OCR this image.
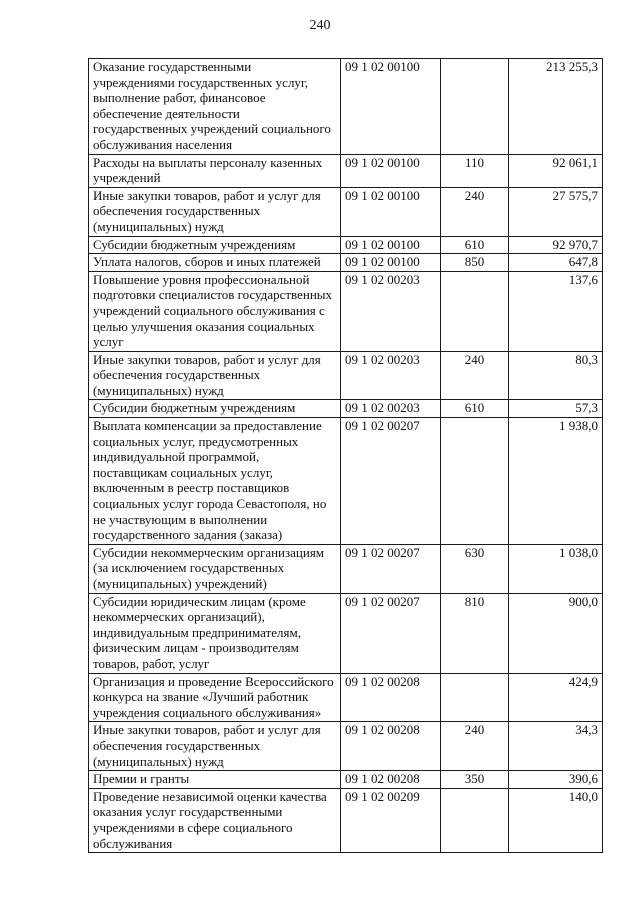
240
Оказание государственными учреждениями государственных услуг, выполнение работ, финансовое обеспечение деятельности государственных учреждений социального обслуживания населения	09 1 02 00100		213 255,3
Расходы на выплаты персоналу казенных учреждений	09 1 02 00100	110	92 061,1
Иные закупки товаров, работ и услуг для обеспечения государственных (муниципальных) нужд	09 1 02 00100	240	27 575,7
Субсидии бюджетным учреждениям	09 1 02 00100	610	92 970,7
Уплата налогов, сборов и иных платежей	09 1 02 00100	850	647,8
Повышение уровня профессиональной подготовки специалистов государственных учреждений социального обслуживания с целью улучшения оказания социальных услуг	09 1 02 00203		137,6
Иные закупки товаров, работ и услуг для обеспечения государственных (муниципальных) нужд	09 1 02 00203	240	80,3
Субсидии бюджетным учреждениям	09 1 02 00203	610	57,3
Выплата компенсации за предоставление социальных услуг, предусмотренных индивидуальной программой, поставщикам социальных услуг, включенным в реестр поставщиков социальных услуг города Севастополя, но не участвующим в выполнении государственного задания (заказа)	09 1 02 00207		1 938,0
Субсидии некоммерческим организациям (за исключением государственных (муниципальных) учреждений)	09 1 02 00207	630	1 038,0
Субсидии юридическим лицам (кроме некоммерческих организаций), индивидуальным предпринимателям, физическим лицам - производителям товаров, работ, услуг	09 1 02 00207	810	900,0
Организация и проведение Всероссийского конкурса на звание «Лучший работник учреждения социального обслуживания»	09 1 02 00208		424,9
Иные закупки товаров, работ и услуг для обеспечения государственных (муниципальных) нужд	09 1 02 00208	240	34,3
Премии и гранты	09 1 02 00208	350	390,6
Проведение независимой оценки качества оказания услуг государственными учреждениями в сфере социального обслуживания	09 1 02 00209		140,0
